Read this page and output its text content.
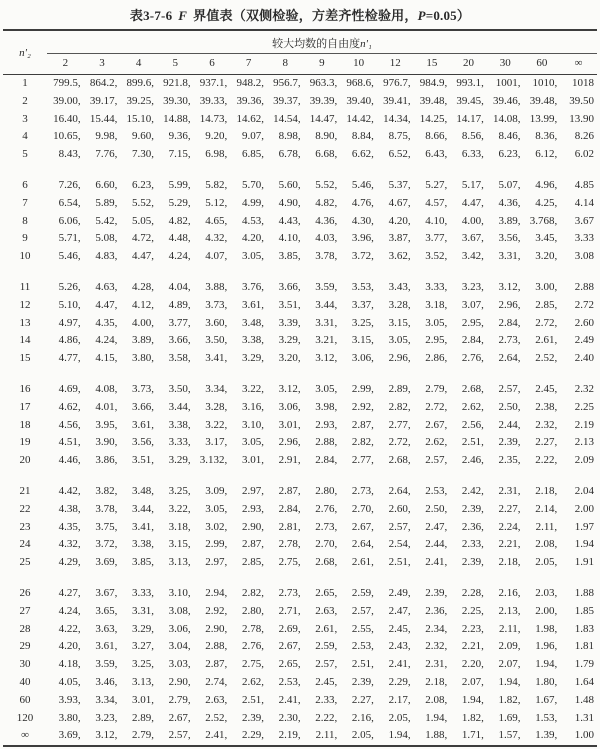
表3-7-6 F 界值表（双侧检验，方差齐性检验用，P=0.05）
n′₂	较大均数的自由度n′₁														
	2	3	4	5	6	7	8	9	10	12	15	20	30	60	∞
1	799.5,	864.2,	899.6,	921.8,	937.1,	948.2,	956.7,	963.3,	968.6,	976.7,	984.9,	993.1,	1001,	1010,	1018
2	39.00,	39.17,	39.25,	39.30,	39.33,	39.36,	39.37,	39.39,	39.40,	39.41,	39.48,	39.45,	39.46,	39.48,	39.50
3	16.40,	15.44,	15.10,	14.88,	14.73,	14.62,	14.54,	14.47,	14.42,	14.34,	14.25,	14.17,	14.08,	13.99,	13.90
4	10.65,	9.98,	9.60,	9.36,	9.20,	9.07,	8.98,	8.90,	8.84,	8.75,	8.66,	8.56,	8.46,	8.36,	8.26
5	8.43,	7.76,	7.30,	7.15,	6.98,	6.85,	6.78,	6.68,	6.62,	6.52,	6.43,	6.33,	6.23,	6.12,	6.02

6	7.26,	6.60,	6.23,	5.99,	5.82,	5.70,	5.60,	5.52,	5.46,	5.37,	5.27,	5.17,	5.07,	4.96,	4.85
7	6.54,	5.89,	5.52,	5.29,	5.12,	4.99,	4.90,	4.82,	4.76,	4.67,	4.57,	4.47,	4.36,	4.25,	4.14
8	6.06,	5.42,	5.05,	4.82,	4.65,	4.53,	4.43,	4.36,	4.30,	4.20,	4.10,	4.00,	3.89,	3.768,	3.67
9	5.71,	5.08,	4.72,	4.48,	4.32,	4.20,	4.10,	4.03,	3.96,	3.87,	3.77,	3.67,	3.56,	3.45,	3.33
10	5.46,	4.83,	4.47,	4.24,	4.07,	3.05,	3.85,	3.78,	3.72,	3.62,	3.52,	3.42,	3.31,	3.20,	3.08

11	5.26,	4.63,	4.28,	4.04,	3.88,	3.76,	3.66,	3.59,	3.53,	3.43,	3.33,	3.23,	3.12,	3.00,	2.88
12	5.10,	4.47,	4.12,	4.89,	3.73,	3.61,	3.51,	3.44,	3.37,	3.28,	3.18,	3.07,	2.96,	2.85,	2.72
13	4.97,	4.35,	4.00,	3.77,	3.60,	3.48,	3.39,	3.31,	3.25,	3.15,	3.05,	2.95,	2.84,	2.72,	2.60
14	4.86,	4.24,	3.89,	3.66,	3.50,	3.38,	3.29,	3.21,	3.15,	3.05,	2.95,	2.84,	2.73,	2.61,	2.49
15	4.77,	4.15,	3.80,	3.58,	3.41,	3.29,	3.20,	3.12,	3.06,	2.96,	2.86,	2.76,	2.64,	2.52,	2.40

16	4.69,	4.08,	3.73,	3.50,	3.34,	3.22,	3.12,	3.05,	2.99,	2.89,	2.79,	2.68,	2.57,	2.45,	2.32
17	4.62,	4.01,	3.66,	3.44,	3.28,	3.16,	3.06,	3.98,	2.92,	2.82,	2.72,	2.62,	2.50,	2.38,	2.25
18	4.56,	3.95,	3.61,	3.38,	3.22,	3.10,	3.01,	2.93,	2.87,	2.77,	2.67,	2.56,	2.44,	2.32,	2.19
19	4.51,	3.90,	3.56,	3.33,	3.17,	3.05,	2.96,	2.88,	2.82,	2.72,	2.62,	2.51,	2.39,	2.27,	2.13
20	4.46,	3.86,	3.51,	3.29,	3.132,	3.01,	2.91,	2.84,	2.77,	2.68,	2.57,	2.46,	2.35,	2.22,	2.09

21	4.42,	3.82,	3.48,	3.25,	3.09,	2.97,	2.87,	2.80,	2.73,	2.64,	2.53,	2.42,	2.31,	2.18,	2.04
22	4.38,	3.78,	3.44,	3.22,	3.05,	2.93,	2.84,	2.76,	2.70,	2.60,	2.50,	2.39,	2.27,	2.14,	2.00
23	4.35,	3.75,	3.41,	3.18,	3.02,	2.90,	2.81,	2.73,	2.67,	2.57,	2.47,	2.36,	2.24,	2.11,	1.97
24	4.32,	3.72,	3.38,	3.15,	2.99,	2.87,	2.78,	2.70,	2.64,	2.54,	2.44,	2.33,	2.21,	2.08,	1.94
25	4.29,	3.69,	3.85,	3.13,	2.97,	2.85,	2.75,	2.68,	2.61,	2.51,	2.41,	2.39,	2.18,	2.05,	1.91

26	4.27,	3.67,	3.33,	3.10,	2.94,	2.82,	2.73,	2.65,	2.59,	2.49,	2.39,	2.28,	2.16,	2.03,	1.88
27	4.24,	3.65,	3.31,	3.08,	2.92,	2.80,	2.71,	2.63,	2.57,	2.47,	2.36,	2.25,	2.13,	2.00,	1.85
28	4.22,	3.63,	3.29,	3.06,	2.90,	2.78,	2.69,	2.61,	2.55,	2.45,	2.34,	2.23,	2.11,	1.98,	1.83
29	4.20,	3.61,	3.27,	3.04,	2.88,	2.76,	2.67,	2.59,	2.53,	2.43,	2.32,	2.21,	2.09,	1.96,	1.81
30	4.18,	3.59,	3.25,	3.03,	2.87,	2.75,	2.65,	2.57,	2.51,	2.41,	2.31,	2.20,	2.07,	1.94,	1.79
40	4.05,	3.46,	3.13,	2.90,	2.74,	2.62,	2.53,	2.45,	2.39,	2.29,	2.18,	2.07,	1.94,	1.80,	1.64
60	3.93,	3.34,	3.01,	2.79,	2.63,	2.51,	2.41,	2.33,	2.27,	2.17,	2.08,	1.94,	1.82,	1.67,	1.48
120	3.80,	3.23,	2.89,	2.67,	2.52,	2.39,	2.30,	2.22,	2.16,	2.05,	1.94,	1.82,	1.69,	1.53,	1.31
∞	3.69,	3.12,	2.79,	2.57,	2.41,	2.29,	2.19,	2.11,	2.05,	1.94,	1.88,	1.71,	1.57,	1.39,	1.00
